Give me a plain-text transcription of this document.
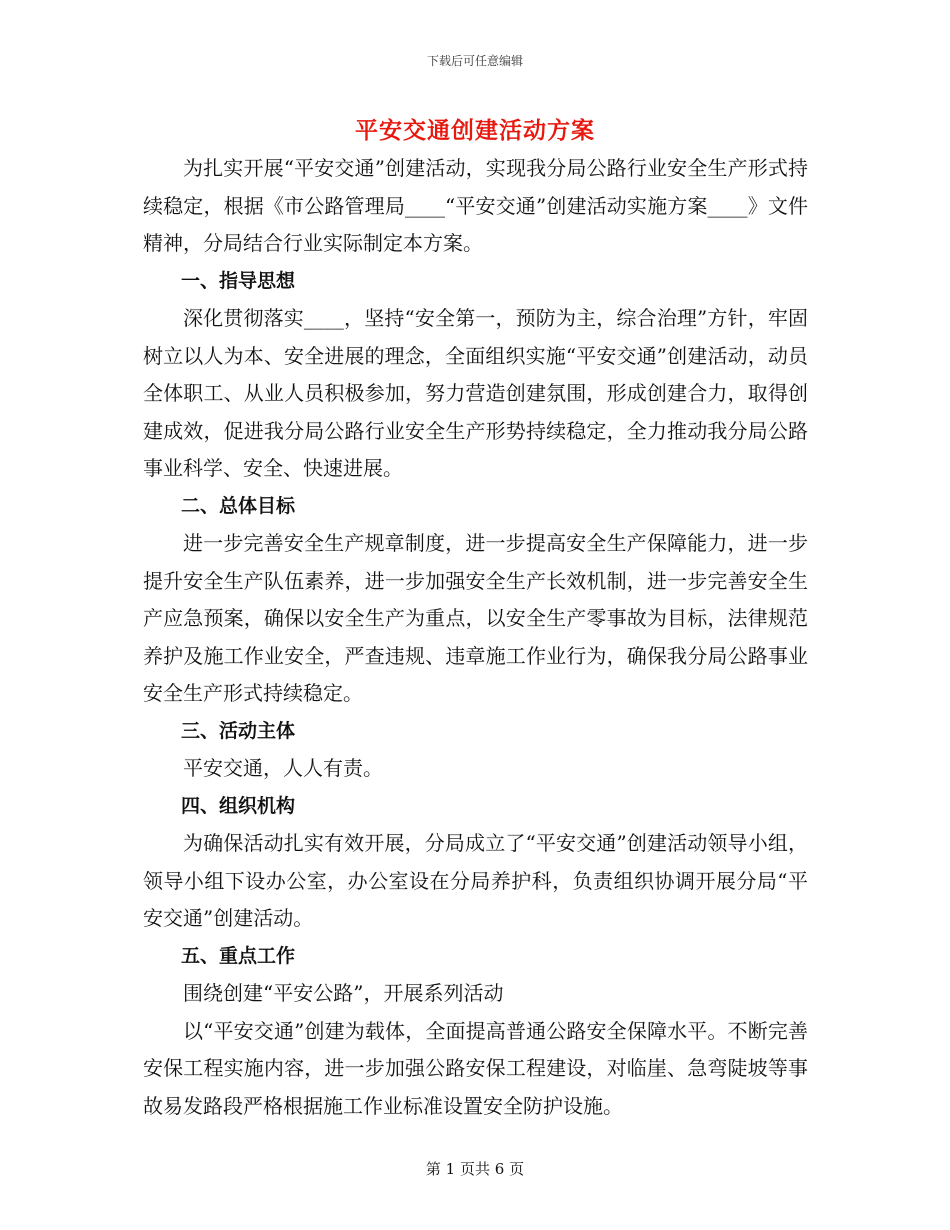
下载后可任意编辑
平安交通创建活动方案

为扎实开展“平安交通”创建活动，实现我分局公路行业安全生产形式持续稳定，根据《市公路管理局____“平安交通”创建活动实施方案____》文件精神，分局结合行业实际制定本方案。

一、指导思想

深化贯彻落实____，坚持“安全第一，预防为主，综合治理”方针，牢固树立以人为本、安全进展的理念，全面组织实施“平安交通”创建活动，动员全体职工、从业人员积极参加，努力营造创建氛围，形成创建合力，取得创建成效，促进我分局公路行业安全生产形势持续稳定，全力推动我分局公路事业科学、安全、快速进展。

二、总体目标

进一步完善安全生产规章制度，进一步提高安全生产保障能力，进一步提升安全生产队伍素养，进一步加强安全生产长效机制，进一步完善安全生产应急预案，确保以安全生产为重点，以安全生产零事故为目标，法律规范养护及施工作业安全，严查违规、违章施工作业行为，确保我分局公路事业安全生产形式持续稳定。

三、活动主体

平安交通，人人有责。

四、组织机构

为确保活动扎实有效开展，分局成立了“平安交通”创建活动领导小组，领导小组下设办公室，办公室设在分局养护科，负责组织协调开展分局“平安交通”创建活动。

五、重点工作

围绕创建“平安公路”，开展系列活动

以“平安交通”创建为载体，全面提高普通公路安全保障水平。不断完善安保工程实施内容，进一步加强公路安保工程建设，对临崖、急弯陡坡等事故易发路段严格根据施工作业标准设置安全防护设施。

第 1 页共 6 页
